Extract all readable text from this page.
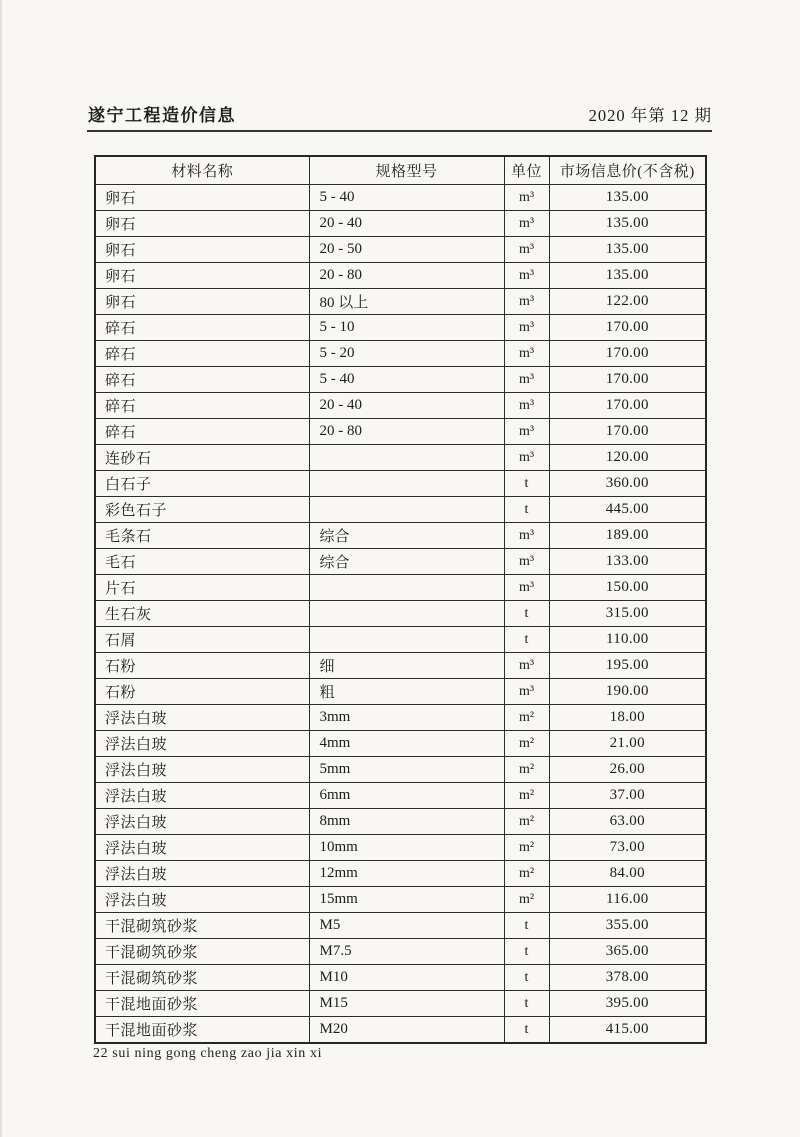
遂宁工程造价信息	2020 年第 12 期
材料名称	规格型号	单位	市场信息价(不含税)
卵石	5 - 40	m³	135.00
卵石	20 - 40	m³	135.00
卵石	20 - 50	m³	135.00
卵石	20 - 80	m³	135.00
卵石	80 以上	m³	122.00
碎石	5 - 10	m³	170.00
碎石	5 - 20	m³	170.00
碎石	5 - 40	m³	170.00
碎石	20 - 40	m³	170.00
碎石	20 - 80	m³	170.00
连砂石		m³	120.00
白石子		t	360.00
彩色石子		t	445.00
毛条石	综合	m³	189.00
毛石	综合	m³	133.00
片石		m³	150.00
生石灰		t	315.00
石屑		t	110.00
石粉	细	m³	195.00
石粉	粗	m³	190.00
浮法白玻	3mm	m²	18.00
浮法白玻	4mm	m²	21.00
浮法白玻	5mm	m²	26.00
浮法白玻	6mm	m²	37.00
浮法白玻	8mm	m²	63.00
浮法白玻	10mm	m²	73.00
浮法白玻	12mm	m²	84.00
浮法白玻	15mm	m²	116.00
干混砌筑砂浆	M5	t	355.00
干混砌筑砂浆	M7.5	t	365.00
干混砌筑砂浆	M10	t	378.00
干混地面砂浆	M15	t	395.00
干混地面砂浆	M20	t	415.00
22 sui ning gong cheng zao jia xin xi
